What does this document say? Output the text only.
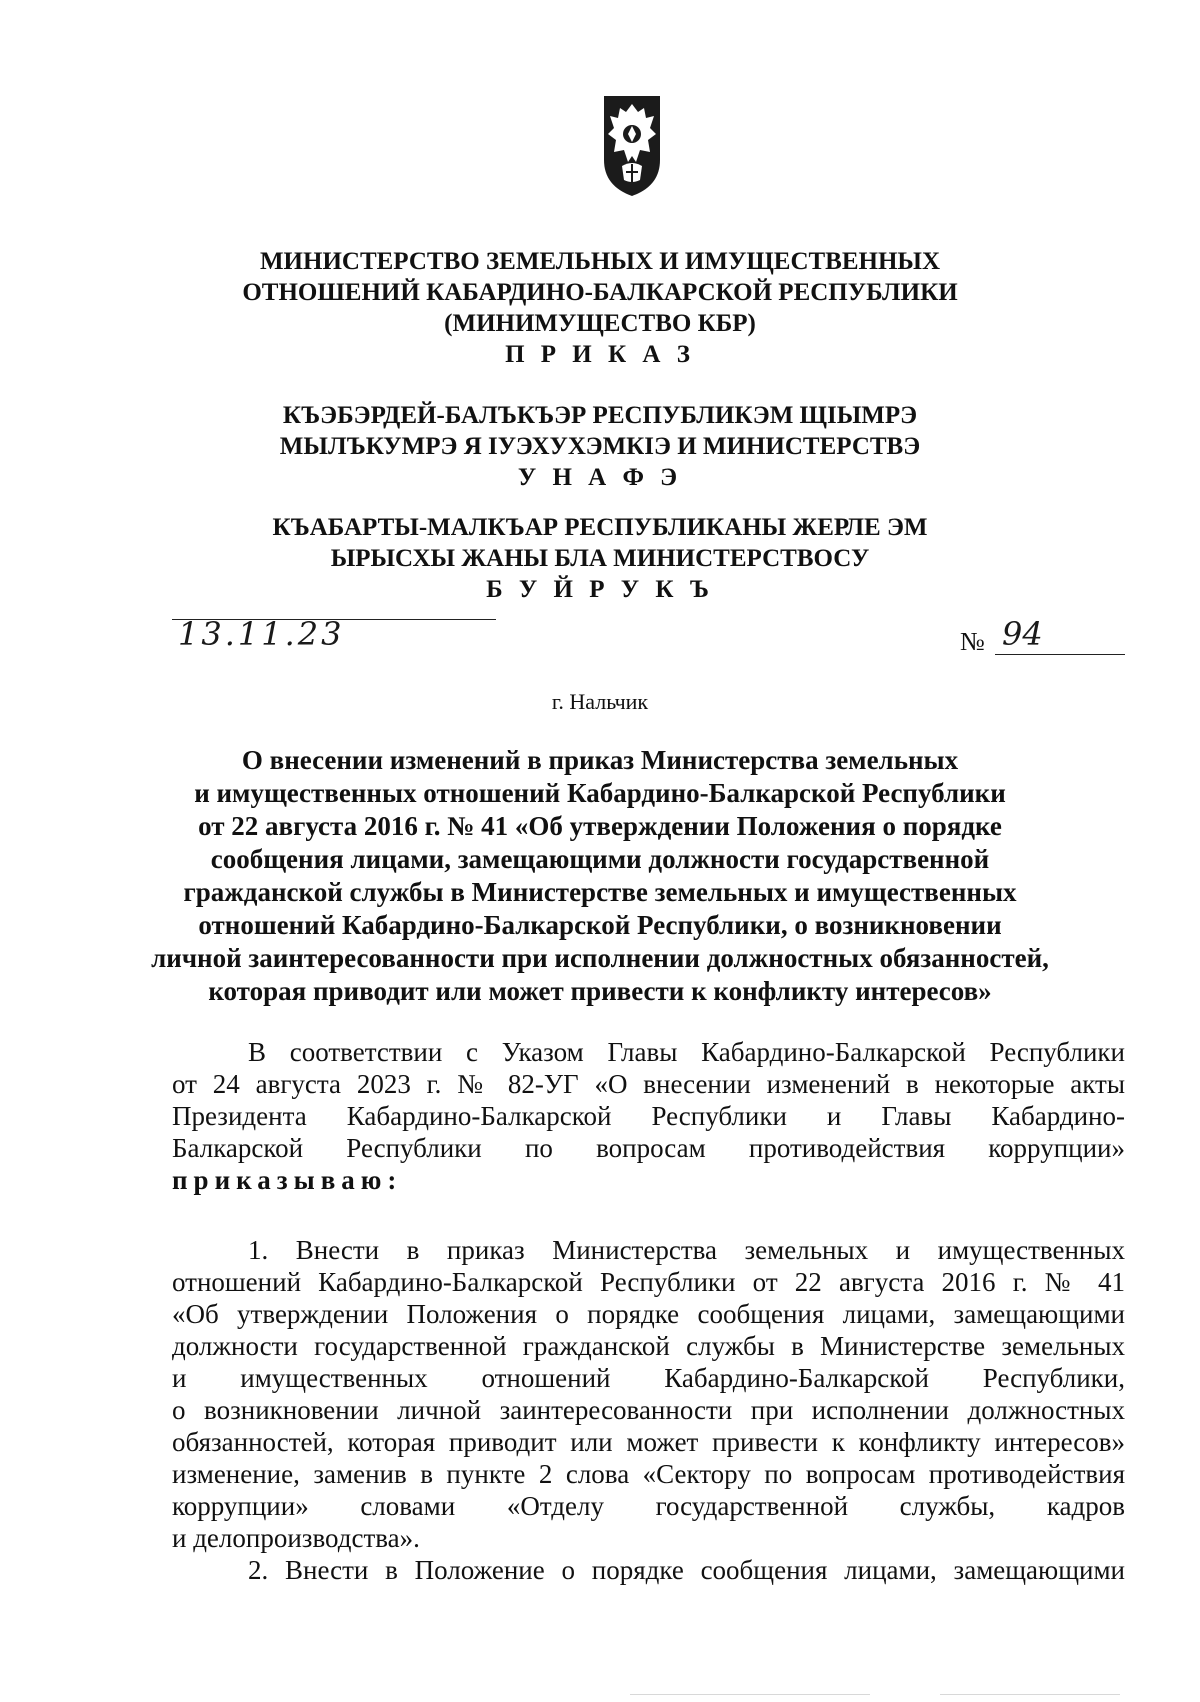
МИНИСТЕРСТВО ЗЕМЕЛЬНЫХ И ИМУЩЕСТВЕННЫХ
ОТНОШЕНИЙ КАБАРДИНО-БАЛКАРСКОЙ РЕСПУБЛИКИ
(МИНИМУЩЕСТВО КБР)
П Р И К А З
КЪЭБЭРДЕЙ-БАЛЪКЪЭР РЕСПУБЛИКЭМ ЩIЫМРЭ
МЫЛЪКУМРЭ Я IУЭХУХЭМКIЭ И МИНИСТЕРСТВЭ
У Н А Ф Э
КЪАБАРТЫ-МАЛКЪАР РЕСПУБЛИКАНЫ ЖЕРЛЕ ЭМ
ЫРЫСХЫ ЖАНЫ БЛА МИНИСТЕРСТВОСУ
Б У Й Р У К Ъ
13.11.23	№ 94
г. Нальчик
О внесении изменений в приказ Министерства земельных
и имущественных отношений Кабардино-Балкарской Республики
от 22 августа 2016 г. № 41 «Об утверждении Положения о порядке
сообщения лицами, замещающими должности государственной
гражданской службы в Министерстве земельных и имущественных
отношений Кабардино-Балкарской Республики, о возникновении
личной заинтересованности при исполнении должностных обязанностей,
которая приводит или может привести к конфликту интересов»
В соответствии с Указом Главы Кабардино-Балкарской Республики
от 24 августа 2023 г. № 82-УГ «О внесении изменений в некоторые акты
Президента Кабардино-Балкарской Республики и Главы Кабардино-
Балкарской Республики по вопросам противодействия коррупции»
приказываю:
1. Внести в приказ Министерства земельных и имущественных
отношений Кабардино-Балкарской Республики от 22 августа 2016 г. № 41
«Об утверждении Положения о порядке сообщения лицами, замещающими
должности государственной гражданской службы в Министерстве земельных
и имущественных отношений Кабардино-Балкарской Республики,
о возникновении личной заинтересованности при исполнении должностных
обязанностей, которая приводит или может привести к конфликту интересов»
изменение, заменив в пункте 2 слова «Сектору по вопросам противодействия
коррупции» словами «Отделу государственной службы, кадров
и делопроизводства».
2. Внести в Положение о порядке сообщения лицами, замещающими
